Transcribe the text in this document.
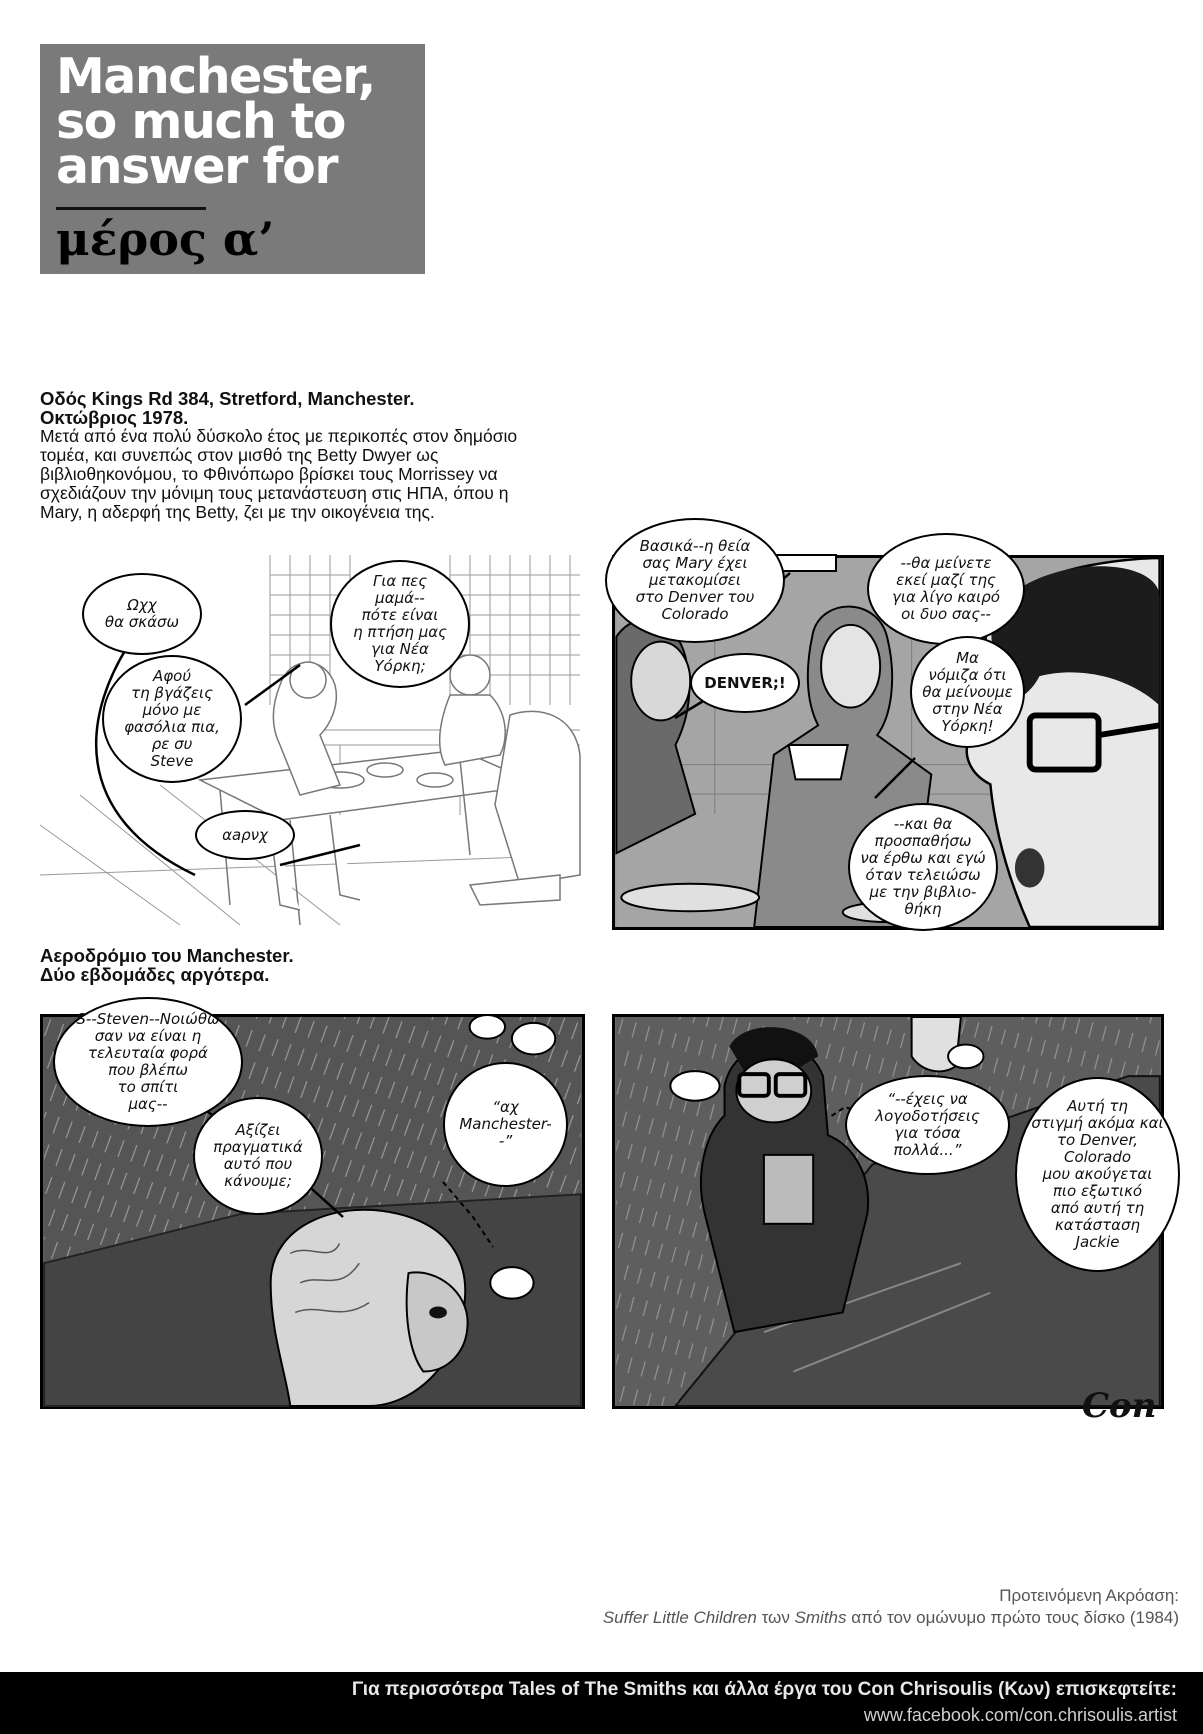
Manchester,
so much to
answer for
μέρος α’
Οδός Kings Rd 384, Stretford, Manchester.
Οκτώβριος 1978.
Μετά από ένα πολύ δύσκολο έτος με περικοπές στον δημόσιο τομέα, και συνεπώς στον μισθό της Betty Dwyer ως βιβλιοθηκονόμου, το Φθινόπωρο βρίσκει τους Morrissey να σχεδιάζουν την μόνιμη τους μετανάστευση στις ΗΠΑ, όπου η Mary, η αδερφή της Betty, ζει με την οικογένεια της.
Ωχχ
θα σκάσω
Για πες
μαμά--
πότε είναι
η πτήση μας
για Νέα
Υόρκη;
Αφού
τη βγάζεις
μόνο με
φασόλια πια,
ρε συ
Steve
αaρνχ
Βασικά--η θεία
σας Mary έχει
μετακομίσει
στο Denver του
Colorado
--θα μείνετε
εκεί μαζί της
για λίγο καιρό
οι δυο σας--
DENVER;!
Μα
νόμιζα ότι
θα μείνουμε
στην Νέα
Υόρκη!
--και θα
προσπαθήσω
να έρθω και εγώ
όταν τελειώσω
με την βιβλιο-
θήκη
Αεροδρόμιο του Manchester.
Δύο εβδομάδες αργότερα.
S--Steven--Νοιώθω
σαν να είναι η
τελευταία φορά
που βλέπω
το σπίτι
μας--
Αξίζει
πραγματικά
αυτό που
κάνουμε;
“αχ
Manchester--”
“--έχεις να
λογοδοτήσεις
για τόσα
πολλά...”
Αυτή τη
στιγμή ακόμα και
το Denver, Colorado
μου ακούγεται
πιο εξωτικό
από αυτή τη
κατάσταση
Jackie
Con
Προτεινόμενη Ακρόαση:
Suffer Little Children των Smiths από τον ομώνυμο πρώτο τους δίσκο (1984)
Για περισσότερα Tales of The Smiths και άλλα έργα του Con Chrisoulis (Κων) επισκεφτείτε:
www.facebook.com/con.chrisoulis.artist
